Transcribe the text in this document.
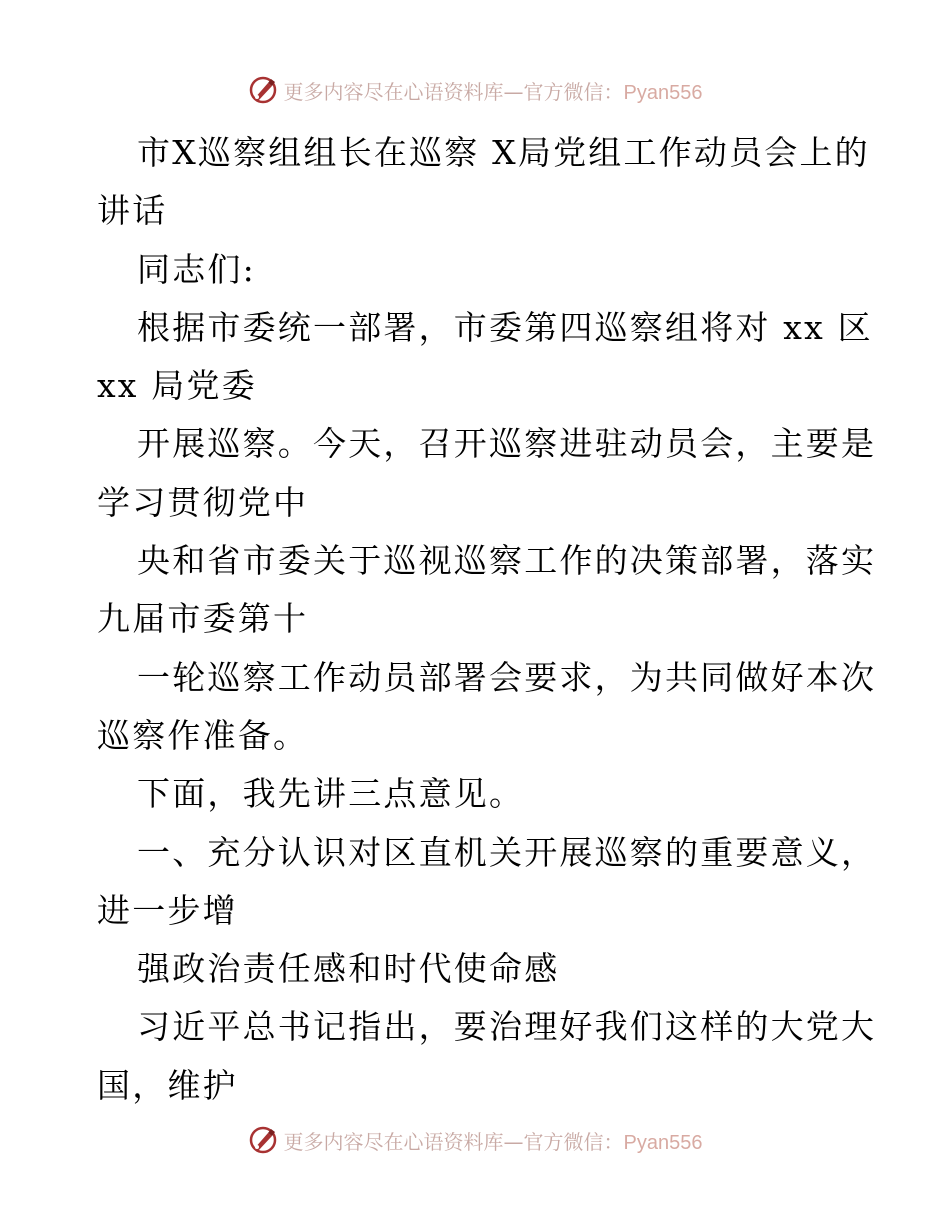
更多内容尽在心语资料库—官方微信：Pyan556
市X巡察组组长在巡察 X局党组工作动员会上的
讲话
同志们:
根据市委统一部署，市委第四巡察组将对 xx 区
xx 局党委
开展巡察。今天，召开巡察进驻动员会，主要是
学习贯彻党中
央和省市委关于巡视巡察工作的决策部署，落实
九届市委第十
一轮巡察工作动员部署会要求，为共同做好本次
巡察作准备。
下面，我先讲三点意见。
一、充分认识对区直机关开展巡察的重要意义，
进一步增
强政治责任感和时代使命感
习近平总书记指出，要治理好我们这样的大党大
国，维护
更多内容尽在心语资料库—官方微信：Pyan556
